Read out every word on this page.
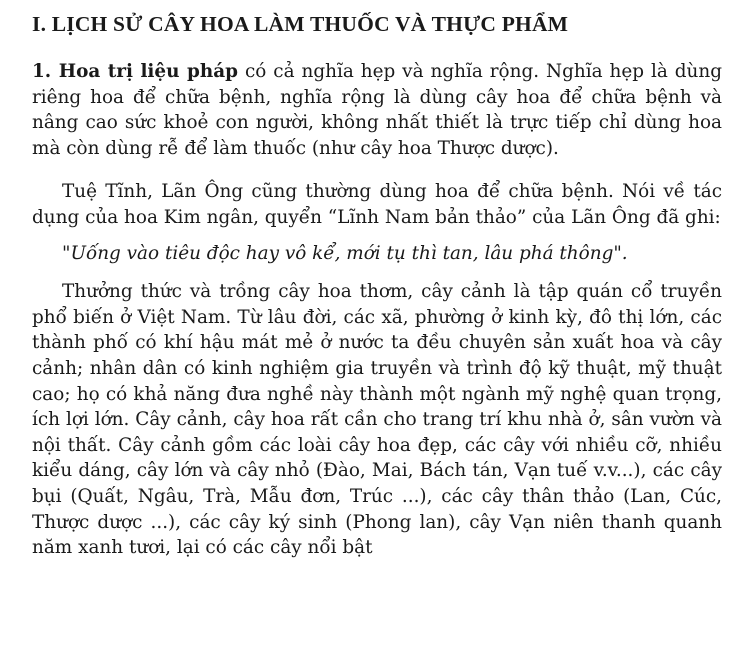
I. LỊCH SỬ CÂY HOA LÀM THUỐC VÀ THỰC PHẨM

1. Hoa trị liệu pháp có cả nghĩa hẹp và nghĩa rộng. Nghĩa hẹp là dùng riêng hoa để chữa bệnh, nghĩa rộng là dùng cây hoa để chữa bệnh và nâng cao sức khoẻ con người, không nhất thiết là trực tiếp chỉ dùng hoa mà còn dùng rễ để làm thuốc (như cây hoa Thược dược).

Tuệ Tĩnh, Lãn Ông cũng thường dùng hoa để chữa bệnh. Nói về tác dụng của hoa Kim ngân, quyển “Lĩnh Nam bản thảo” của Lãn Ông đã ghi:

"Uống vào tiêu độc hay vô kể, mới tụ thì tan, lâu phá thông".

Thưởng thức và trồng cây hoa thơm, cây cảnh là tập quán cổ truyền phổ biến ở Việt Nam. Từ lâu đời, các xã, phường ở kinh kỳ, đô thị lớn, các thành phố có khí hậu mát mẻ ở nước ta đều chuyên sản xuất hoa và cây cảnh; nhân dân có kinh nghiệm gia truyền và trình độ kỹ thuật, mỹ thuật cao; họ có khả năng đưa nghề này thành một ngành mỹ nghệ quan trọng, ích lợi lớn. Cây cảnh, cây hoa rất cần cho trang trí khu nhà ở, sân vườn và nội thất. Cây cảnh gồm các loài cây hoa đẹp, các cây với nhiều cỡ, nhiều kiểu dáng, cây lớn và cây nhỏ (Đào, Mai, Bách tán, Vạn tuế v.v...), các cây bụi (Quất, Ngâu, Trà, Mẫu đơn, Trúc ...), các cây thân thảo (Lan, Cúc, Thược dược ...), các cây ký sinh (Phong lan), cây Vạn niên thanh quanh năm xanh tươi, lại có các cây nổi bật
